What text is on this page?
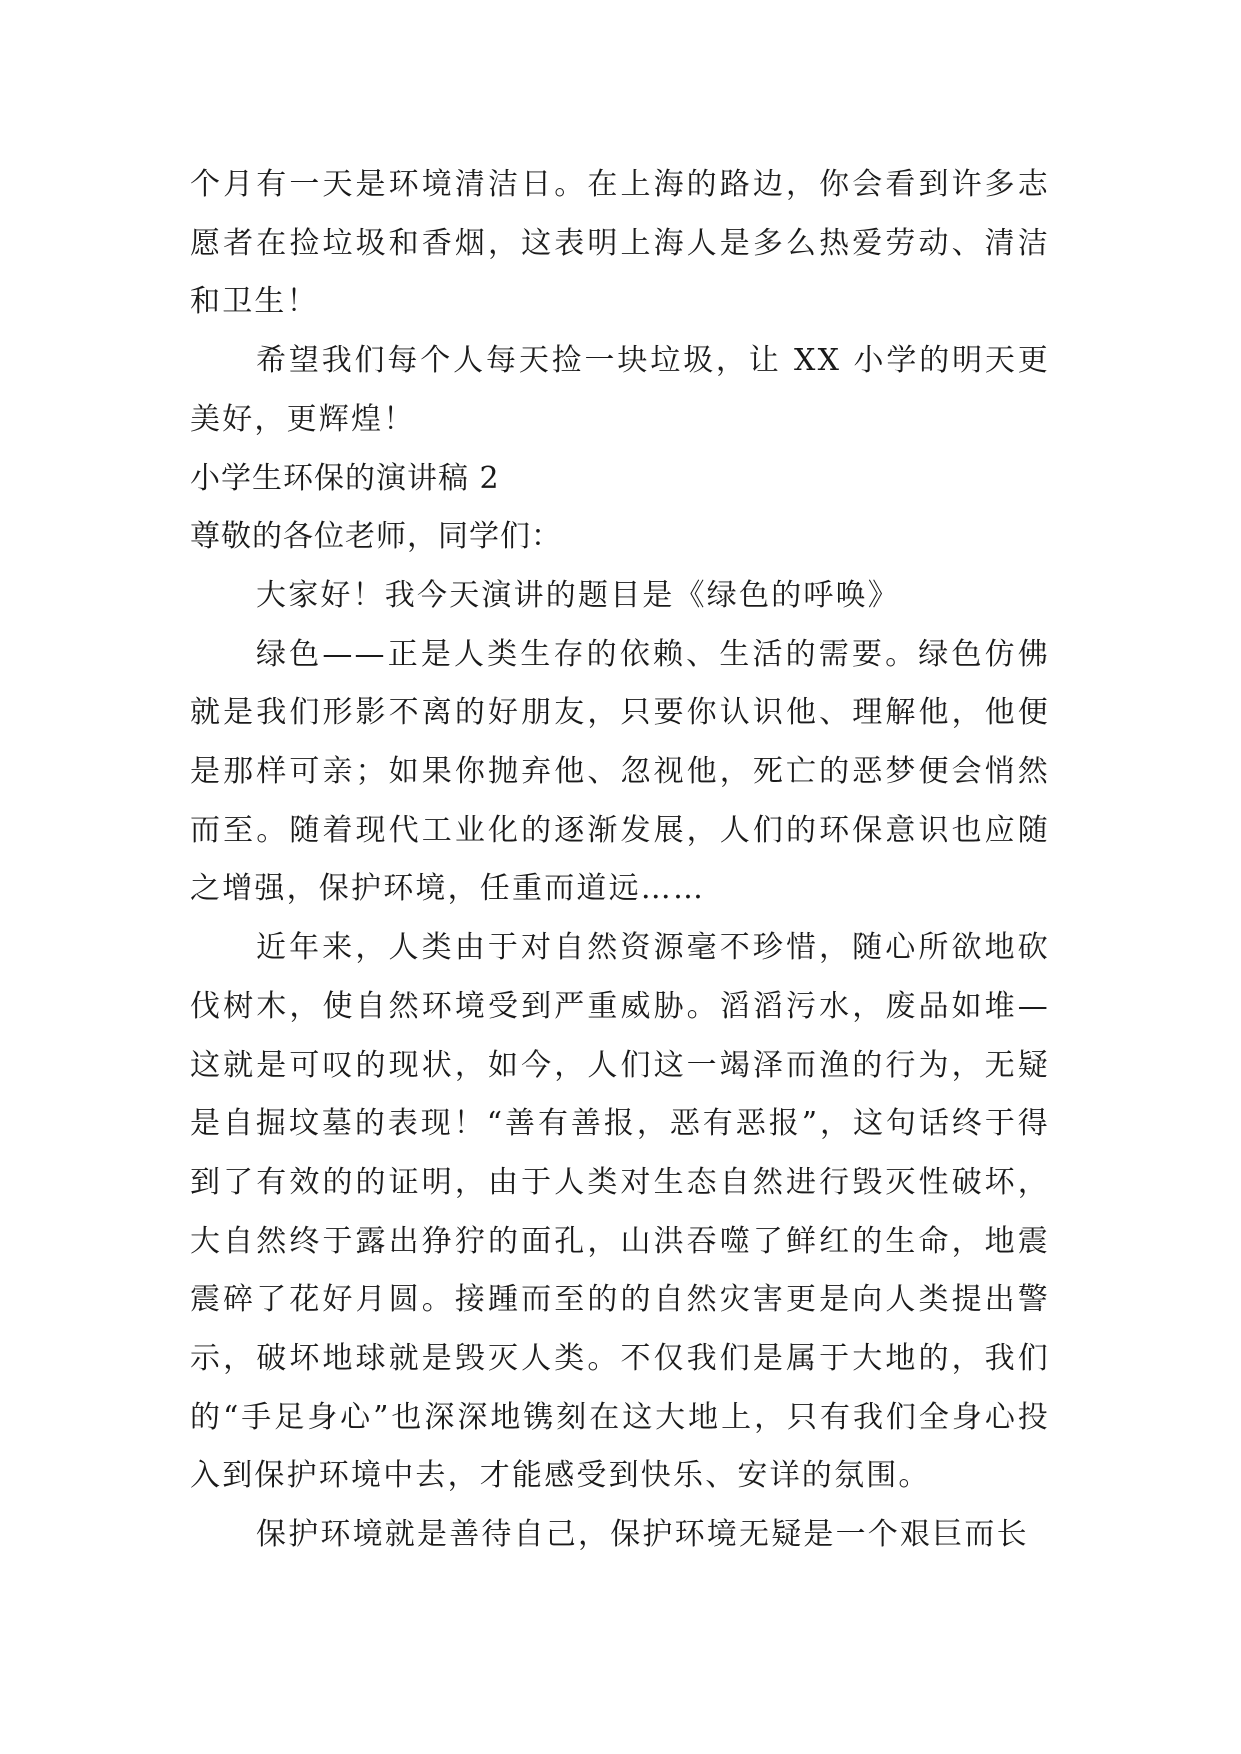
个月有一天是环境清洁日。在上海的路边，你会看到许多志愿者在捡垃圾和香烟，这表明上海人是多么热爱劳动、清洁和卫生！

希望我们每个人每天捡一块垃圾，让 XX 小学的明天更美好，更辉煌！

小学生环保的演讲稿 2

尊敬的各位老师，同学们：

大家好！我今天演讲的题目是《绿色的呼唤》

绿色——正是人类生存的依赖、生活的需要。绿色仿佛就是我们形影不离的好朋友，只要你认识他、理解他，他便是那样可亲；如果你抛弃他、忽视他，死亡的恶梦便会悄然而至。随着现代工业化的逐渐发展，人们的环保意识也应随之增强，保护环境，任重而道远……

近年来，人类由于对自然资源毫不珍惜，随心所欲地砍伐树木，使自然环境受到严重威胁。滔滔污水，废品如堆—这就是可叹的现状，如今，人们这一竭泽而渔的行为，无疑是自掘坟墓的表现！“善有善报，恶有恶报”，这句话终于得到了有效的的证明，由于人类对生态自然进行毁灭性破坏，大自然终于露出狰狞的面孔，山洪吞噬了鲜红的生命，地震震碎了花好月圆。接踵而至的的自然灾害更是向人类提出警示，破坏地球就是毁灭人类。不仅我们是属于大地的，我们的“手足身心”也深深地镌刻在这大地上，只有我们全身心投入到保护环境中去，才能感受到快乐、安详的氛围。

保护环境就是善待自己，保护环境无疑是一个艰巨而长
